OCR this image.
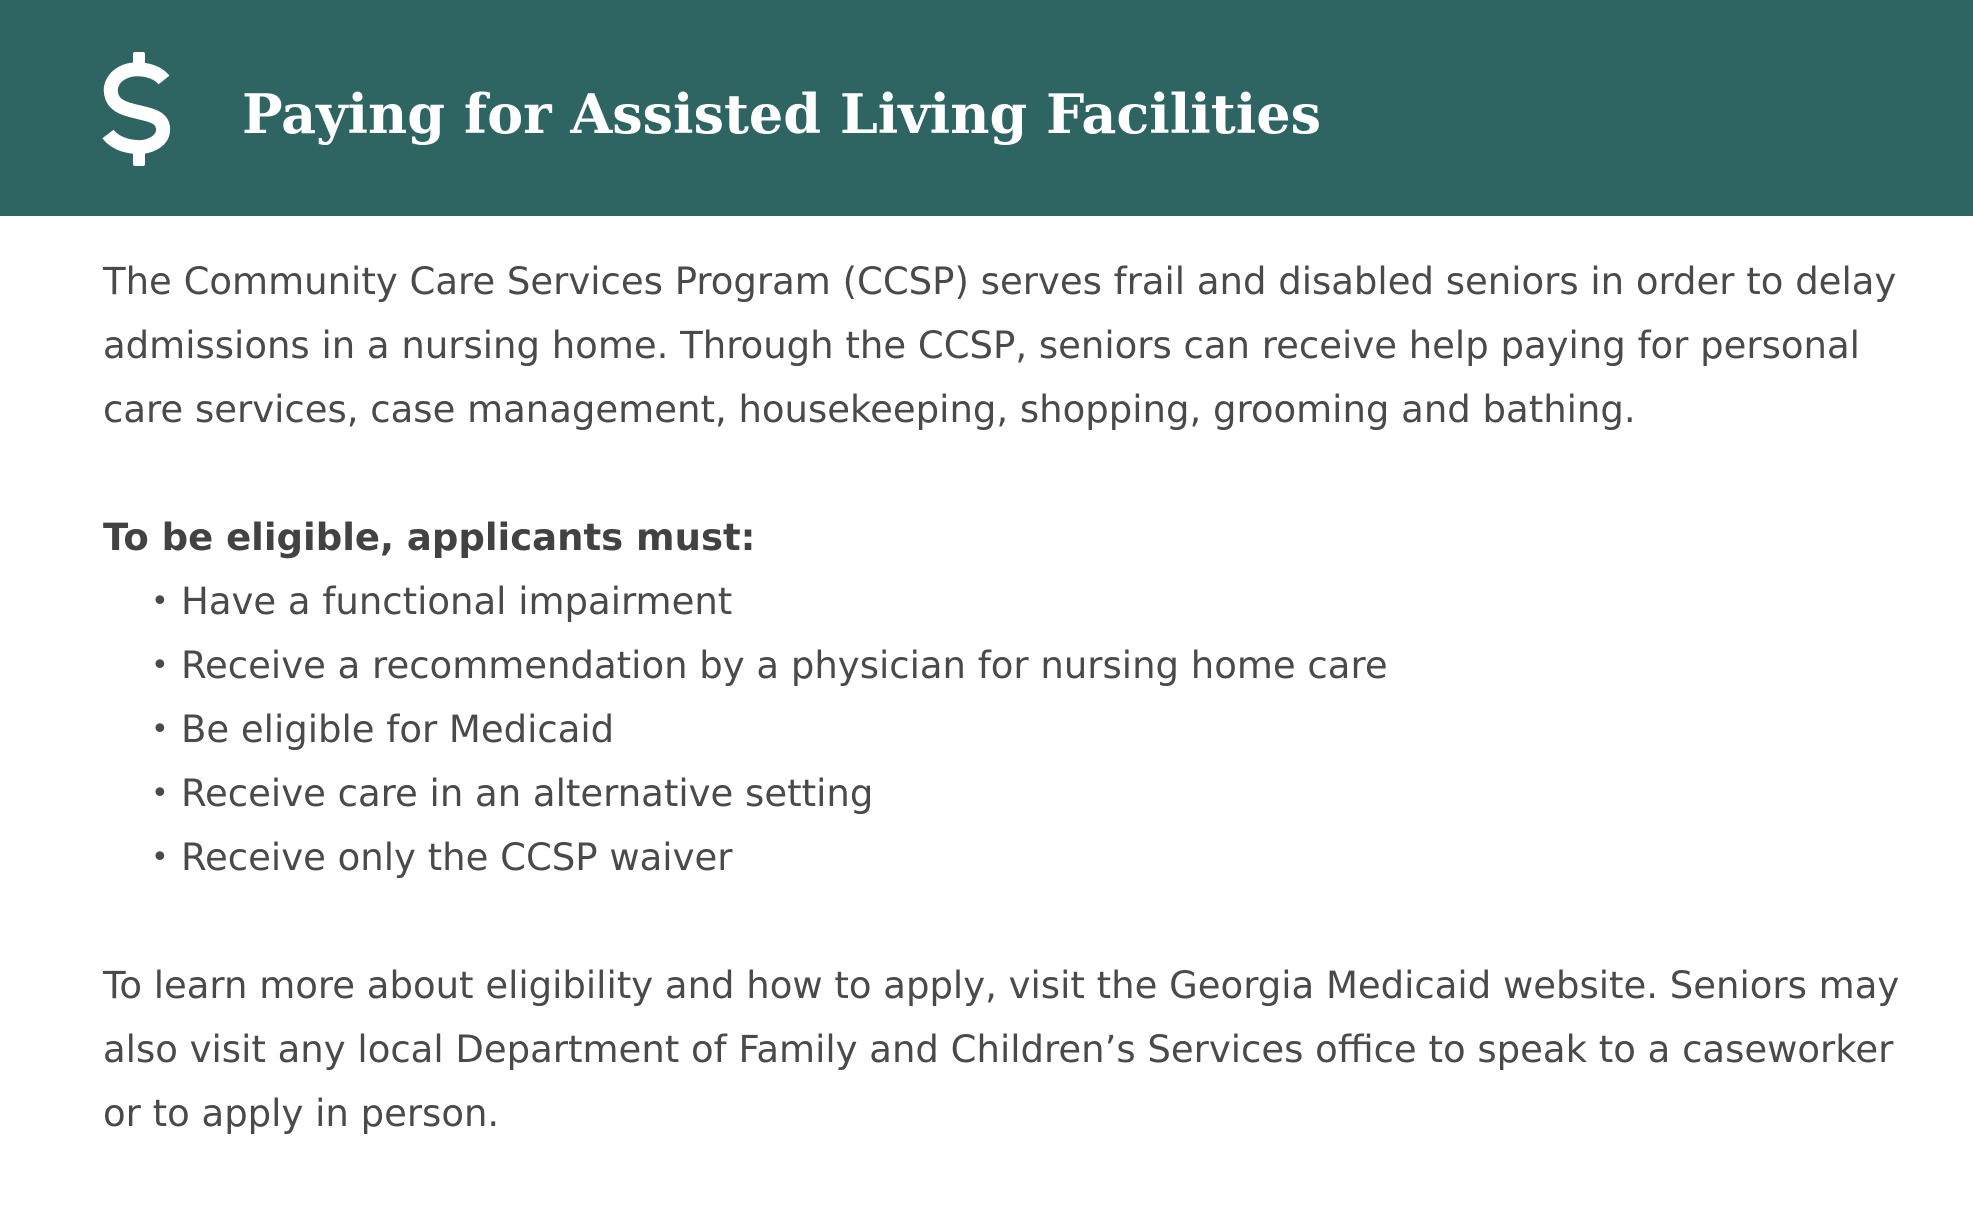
Paying for Assisted Living Facilities

The Community Care Services Program (CCSP) serves frail and disabled seniors in order to delay admissions in a nursing home. Through the CCSP, seniors can receive help paying for personal care services, case management, housekeeping, shopping, grooming and bathing.

To be eligible, applicants must:

• Have a functional impairment
• Receive a recommendation by a physician for nursing home care
• Be eligible for Medicaid
• Receive care in an alternative setting
• Receive only the CCSP waiver

To learn more about eligibility and how to apply, visit the Georgia Medicaid website. Seniors may also visit any local Department of Family and Children’s Services office to speak to a caseworker or to apply in person.
